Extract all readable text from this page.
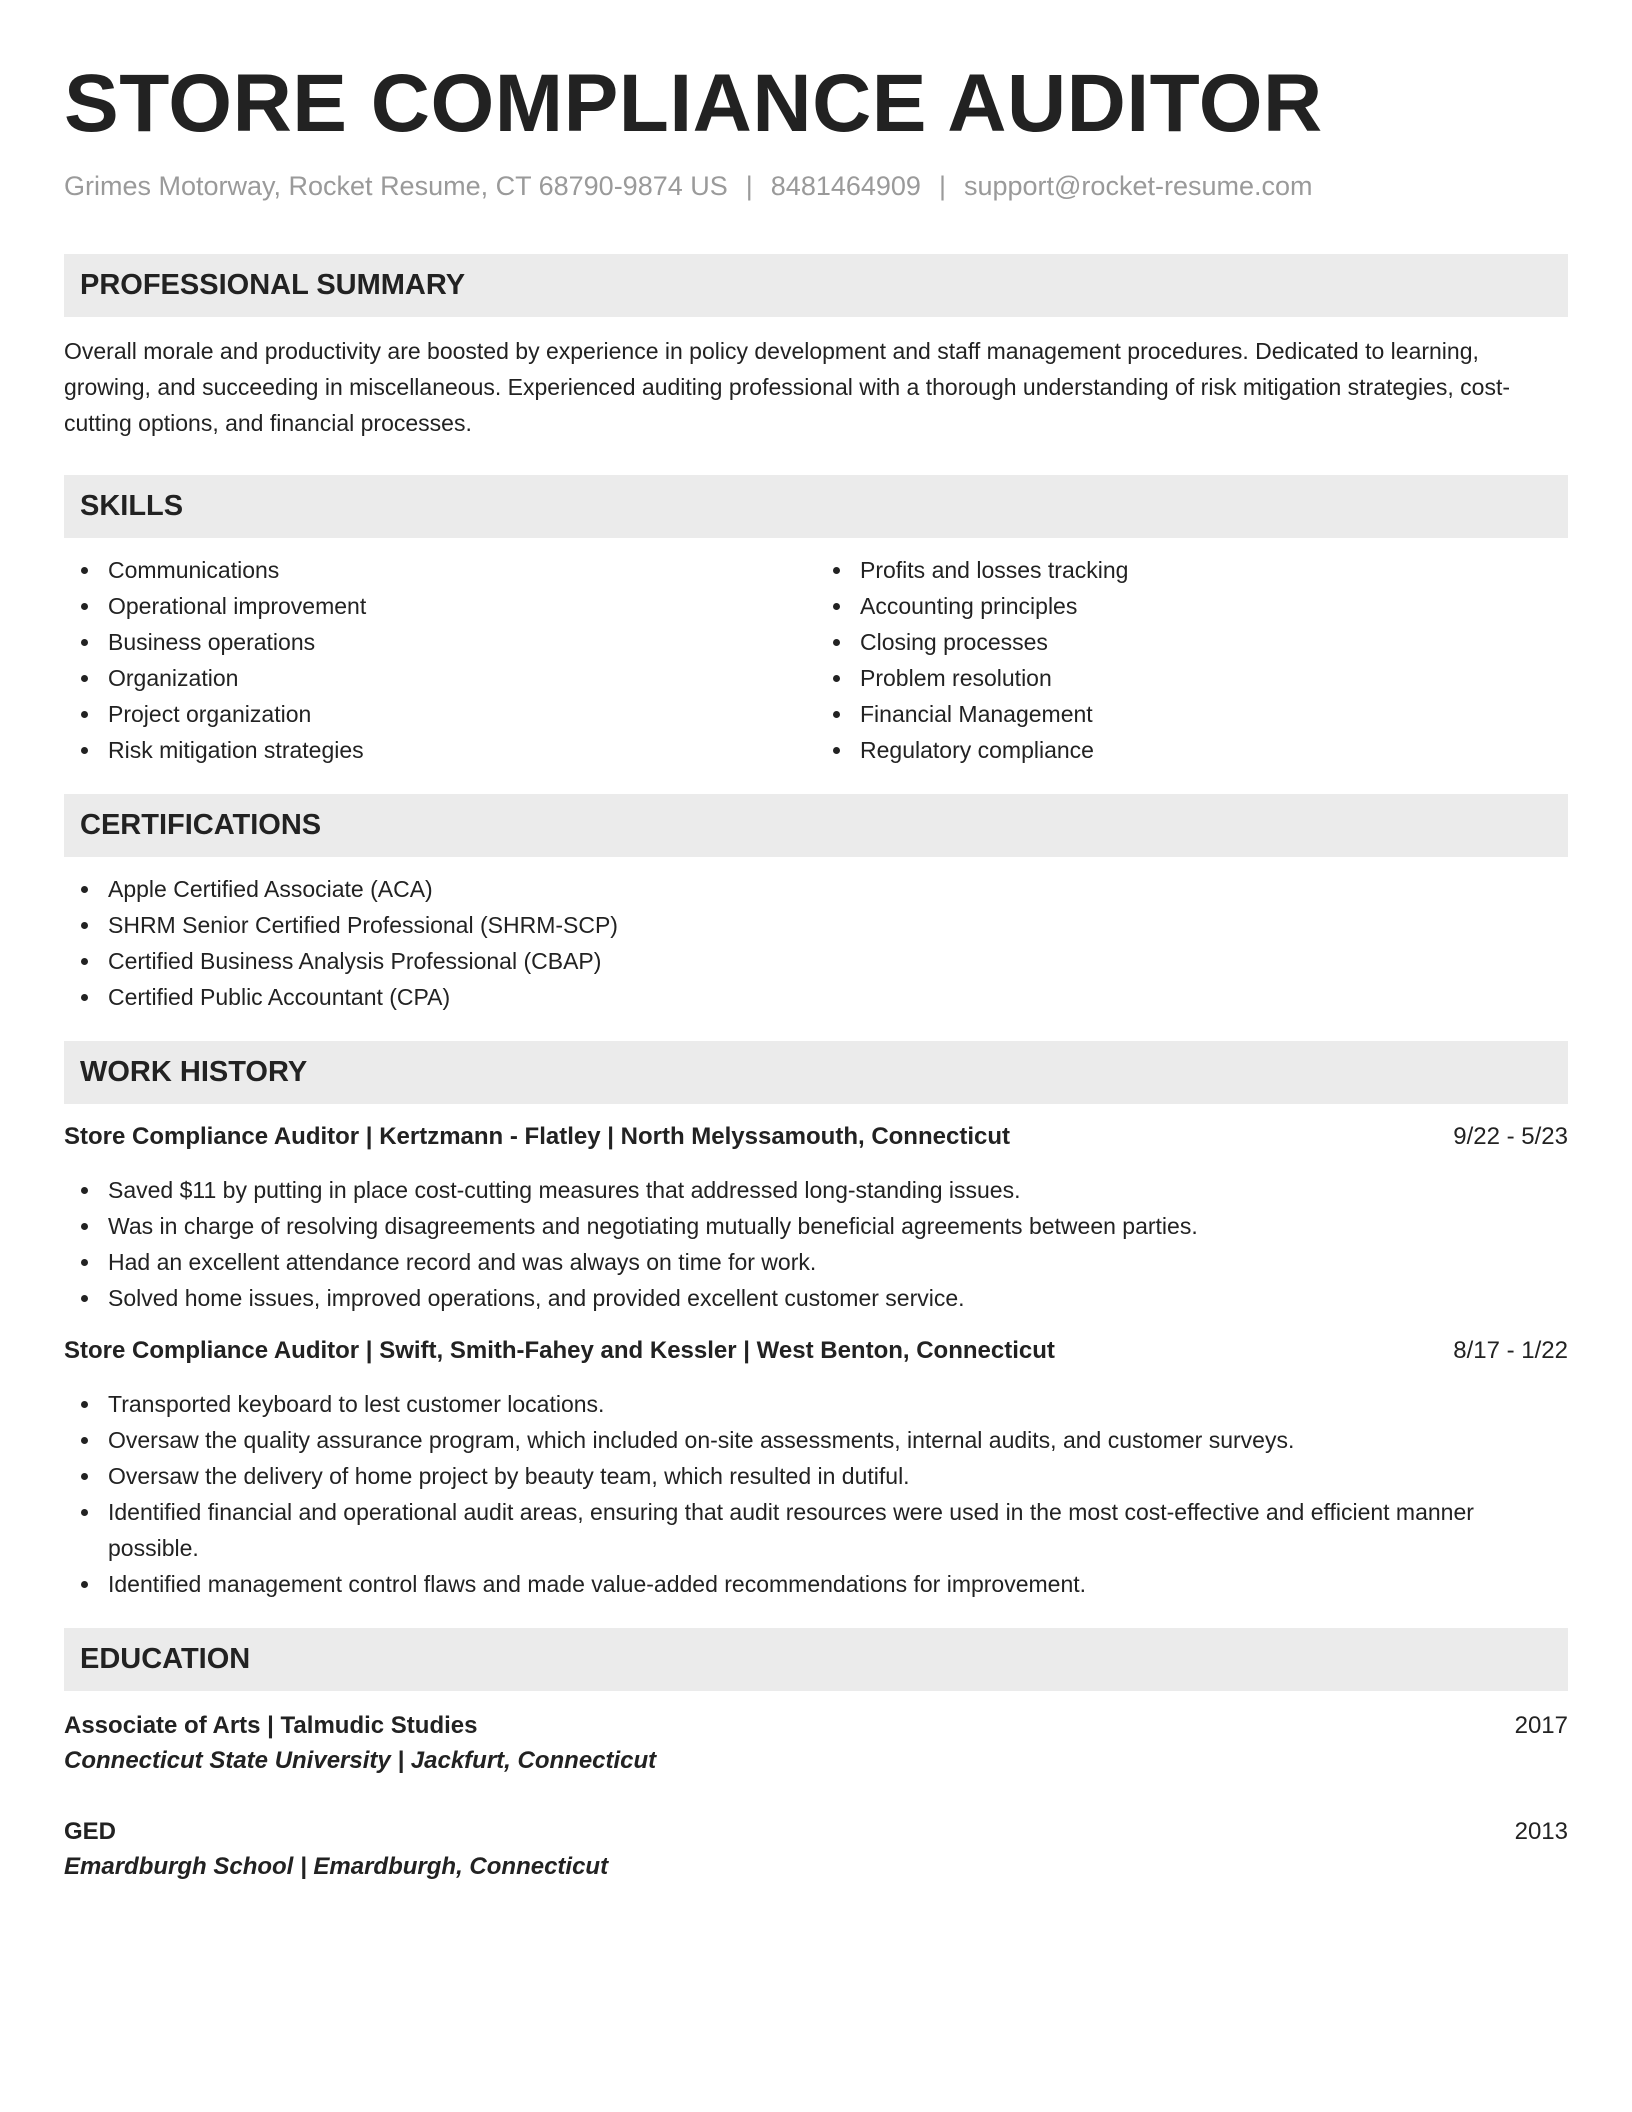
STORE COMPLIANCE AUDITOR
Grimes Motorway, Rocket Resume, CT 68790-9874 US | 8481464909 | support@rocket-resume.com
PROFESSIONAL SUMMARY

Overall morale and productivity are boosted by experience in policy development and staff management procedures. Dedicated to learning, growing, and succeeding in miscellaneous. Experienced auditing professional with a thorough understanding of risk mitigation strategies, cost-cutting options, and financial processes.

SKILLS
Communications
Operational improvement
Business operations
Organization
Project organization
Risk mitigation strategies
Profits and losses tracking
Accounting principles
Closing processes
Problem resolution
Financial Management
Regulatory compliance
CERTIFICATIONS
Apple Certified Associate (ACA)
SHRM Senior Certified Professional (SHRM-SCP)
Certified Business Analysis Professional (CBAP)
Certified Public Accountant (CPA)
WORK HISTORY
Store Compliance Auditor | Kertzmann - Flatley | North Melyssamouth, Connecticut	9/22 - 5/23
Saved $11 by putting in place cost-cutting measures that addressed long-standing issues.
Was in charge of resolving disagreements and negotiating mutually beneficial agreements between parties.
Had an excellent attendance record and was always on time for work.
Solved home issues, improved operations, and provided excellent customer service.
Store Compliance Auditor | Swift, Smith-Fahey and Kessler | West Benton, Connecticut	8/17 - 1/22
Transported keyboard to lest customer locations.
Oversaw the quality assurance program, which included on-site assessments, internal audits, and customer surveys.
Oversaw the delivery of home project by beauty team, which resulted in dutiful.
Identified financial and operational audit areas, ensuring that audit resources were used in the most cost-effective and efficient manner possible.
Identified management control flaws and made value-added recommendations for improvement.
EDUCATION
Associate of Arts | Talmudic Studies	2017
Connecticut State University | Jackfurt, Connecticut
GED	2013
Emardburgh School | Emardburgh, Connecticut
